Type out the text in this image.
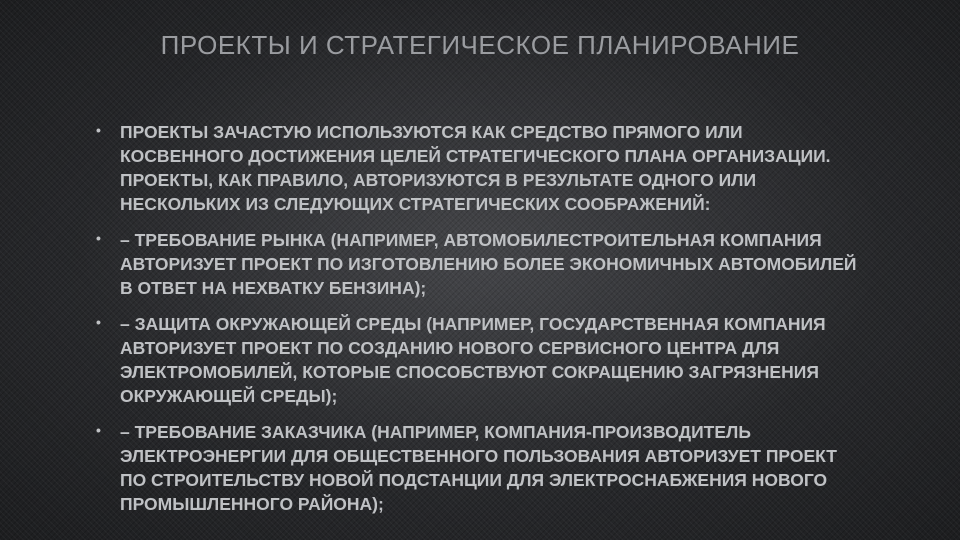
ПРОЕКТЫ И СТРАТЕГИЧЕСКОЕ ПЛАНИРОВАНИЕ
• ПРОЕКТЫ ЗАЧАСТУЮ ИСПОЛЬЗУЮТСЯ КАК СРЕДСТВО ПРЯМОГО ИЛИ КОСВЕННОГО ДОСТИЖЕНИЯ ЦЕЛЕЙ СТРАТЕГИЧЕСКОГО ПЛАНА ОРГАНИЗАЦИИ. ПРОЕКТЫ, КАК ПРАВИЛО, АВТОРИЗУЮТСЯ В РЕЗУЛЬТАТЕ ОДНОГО ИЛИ НЕСКОЛЬКИХ ИЗ СЛЕДУЮЩИХ СТРАТЕГИЧЕСКИХ СООБРАЖЕНИЙ:
• – ТРЕБОВАНИЕ РЫНКА (НАПРИМЕР, АВТОМОБИЛЕСТРОИТЕЛЬНАЯ КОМПАНИЯ АВТОРИЗУЕТ ПРОЕКТ ПО ИЗГОТОВЛЕНИЮ БОЛЕЕ ЭКОНОМИЧНЫХ АВТОМОБИЛЕЙ В ОТВЕТ НА НЕХВАТКУ БЕНЗИНА);
• – ЗАЩИТА ОКРУЖАЮЩЕЙ СРЕДЫ (НАПРИМЕР, ГОСУДАРСТВЕННАЯ КОМПАНИЯ АВТОРИЗУЕТ ПРОЕКТ ПО СОЗДАНИЮ НОВОГО СЕРВИСНОГО ЦЕНТРА ДЛЯ ЭЛЕКТРОМОБИЛЕЙ, КОТОРЫЕ СПОСОБСТВУЮТ СОКРАЩЕНИЮ ЗАГРЯЗНЕНИЯ ОКРУЖАЮЩЕЙ СРЕДЫ);
• – ТРЕБОВАНИЕ ЗАКАЗЧИКА (НАПРИМЕР, КОМПАНИЯ-ПРОИЗВОДИТЕЛЬ ЭЛЕКТРОЭНЕРГИИ ДЛЯ ОБЩЕСТВЕННОГО ПОЛЬЗОВАНИЯ АВТОРИЗУЕТ ПРОЕКТ ПО СТРОИТЕЛЬСТВУ НОВОЙ ПОДСТАНЦИИ ДЛЯ ЭЛЕКТРОСНАБЖЕНИЯ НОВОГО ПРОМЫШЛЕННОГО РАЙОНА);
